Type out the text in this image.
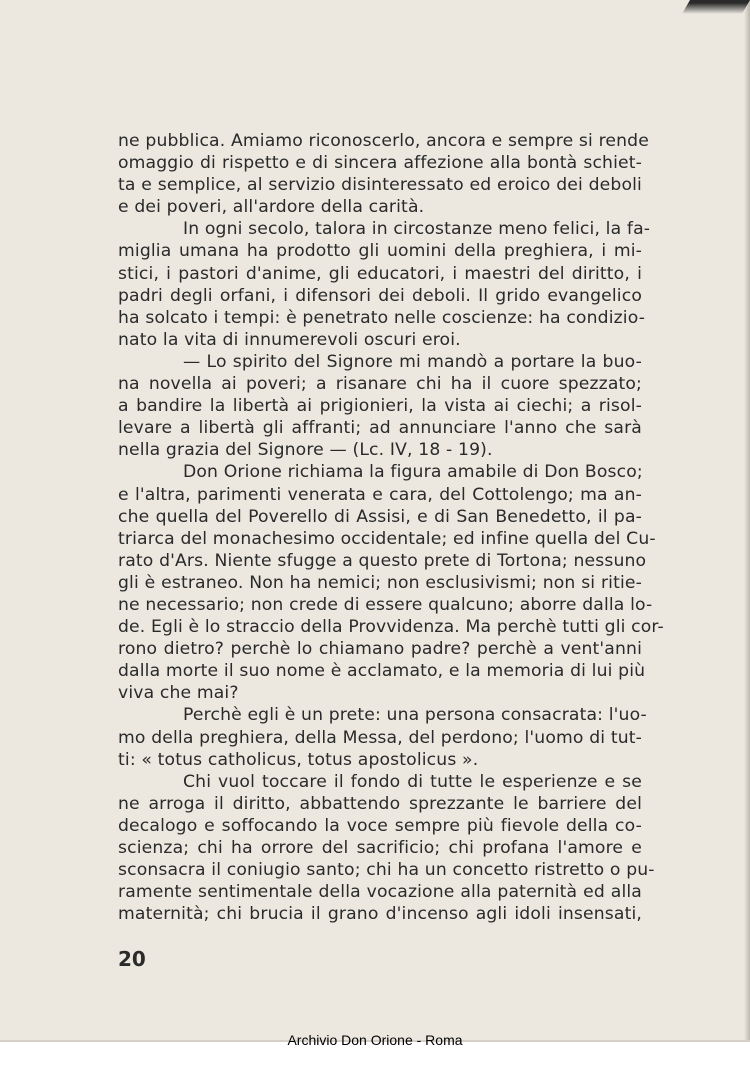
ne pubblica. Amiamo riconoscerlo, ancora e sempre si rende
omaggio di rispetto e di sincera affezione alla bontà schiet-
ta e semplice, al servizio disinteressato ed eroico dei deboli
e dei poveri, all'ardore della carità.
In ogni secolo, talora in circostanze meno felici, la fa-
miglia umana ha prodotto gli uomini della preghiera, i mi-
stici, i pastori d'anime, gli educatori, i maestri del diritto, i
padri degli orfani, i difensori dei deboli. Il grido evangelico
ha solcato i tempi: è penetrato nelle coscienze: ha condizio-
nato la vita di innumerevoli oscuri eroi.
— Lo spirito del Signore mi mandò a portare la buo-
na novella ai poveri; a risanare chi ha il cuore spezzato;
a bandire la libertà ai prigionieri, la vista ai ciechi; a risol-
levare a libertà gli affranti; ad annunciare l'anno che sarà
nella grazia del Signore — (Lc. IV, 18 - 19).
Don Orione richiama la figura amabile di Don Bosco;
e l'altra, parimenti venerata e cara, del Cottolengo; ma an-
che quella del Poverello di Assisi, e di San Benedetto, il pa-
triarca del monachesimo occidentale; ed infine quella del Cu-
rato d'Ars. Niente sfugge a questo prete di Tortona; nessuno
gli è estraneo. Non ha nemici; non esclusivismi; non si ritie-
ne necessario; non crede di essere qualcuno; aborre dalla lo-
de. Egli è lo straccio della Provvidenza. Ma perchè tutti gli cor-
rono dietro? perchè lo chiamano padre? perchè a vent'anni
dalla morte il suo nome è acclamato, e la memoria di lui più
viva che mai?
Perchè egli è un prete: una persona consacrata: l'uo-
mo della preghiera, della Messa, del perdono; l'uomo di tut-
ti: « totus catholicus, totus apostolicus ».
Chi vuol toccare il fondo di tutte le esperienze e se
ne arroga il diritto, abbattendo sprezzante le barriere del
decalogo e soffocando la voce sempre più fievole della co-
scienza; chi ha orrore del sacrificio; chi profana l'amore e
sconsacra il coniugio santo; chi ha un concetto ristretto o pu-
ramente sentimentale della vocazione alla paternità ed alla
maternità; chi brucia il grano d'incenso agli idoli insensati,
20
Archivio Don Orione - Roma
